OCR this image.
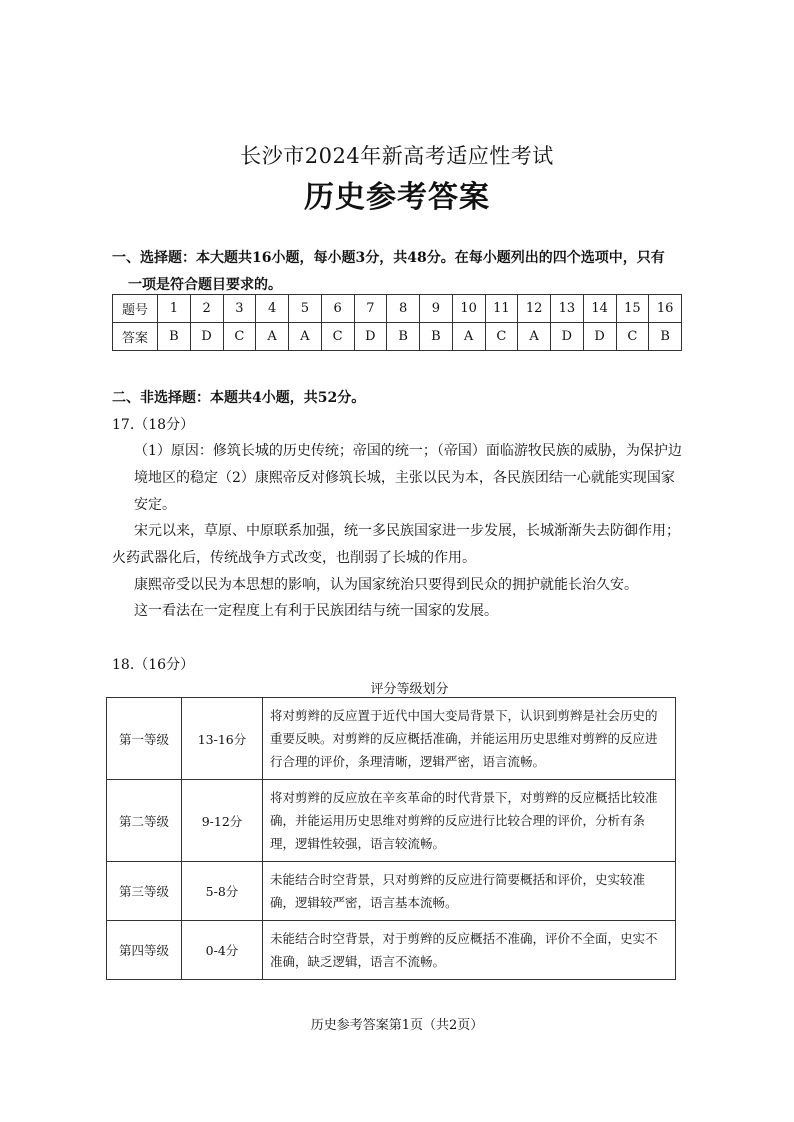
长沙市2024年新高考适应性考试
历史参考答案
一、选择题：本大题共16小题，每小题3分，共48分。在每小题列出的四个选项中，只有
一项是符合题目要求的。
题号	1	2	3	4	5	6	7	8	9	10	11	12	13	14	15	16
答案	B	D	C	A	A	C	D	B	B	A	C	A	D	D	C	B
二、非选择题：本题共4小题，共52分。
17.（18分）
（1）原因：修筑长城的历史传统；帝国的统一；（帝国）面临游牧民族的威胁，为保护边
境地区的稳定（2）康熙帝反对修筑长城，主张以民为本，各民族团结一心就能实现国家
安定。
宋元以来，草原、中原联系加强，统一多民族国家进一步发展，长城渐渐失去防御作用；
火药武器化后，传统战争方式改变，也削弱了长城的作用。
康熙帝受以民为本思想的影响，认为国家统治只要得到民众的拥护就能长治久安。
这一看法在一定程度上有利于民族团结与统一国家的发展。
18.（16分）
评分等级划分
第一等级	13-16分	将对剪辫的反应置于近代中国大变局背景下，认识到剪辫是社会历史的重要反映。对剪辫的反应概括准确，并能运用历史思维对剪辫的反应进行合理的评价，条理清晰，逻辑严密，语言流畅。
第二等级	9-12分	将对剪辫的反应放在辛亥革命的时代背景下，对剪辫的反应概括比较准确，并能运用历史思维对剪辫的反应进行比较合理的评价，分析有条理，逻辑性较强，语言较流畅。
第三等级	5-8分	未能结合时空背景，只对剪辫的反应进行简要概括和评价，史实较准确，逻辑较严密，语言基本流畅。
第四等级	0-4分	未能结合时空背景，对于剪辫的反应概括不准确，评价不全面，史实不准确，缺乏逻辑，语言不流畅。
历史参考答案第1页（共2页）
